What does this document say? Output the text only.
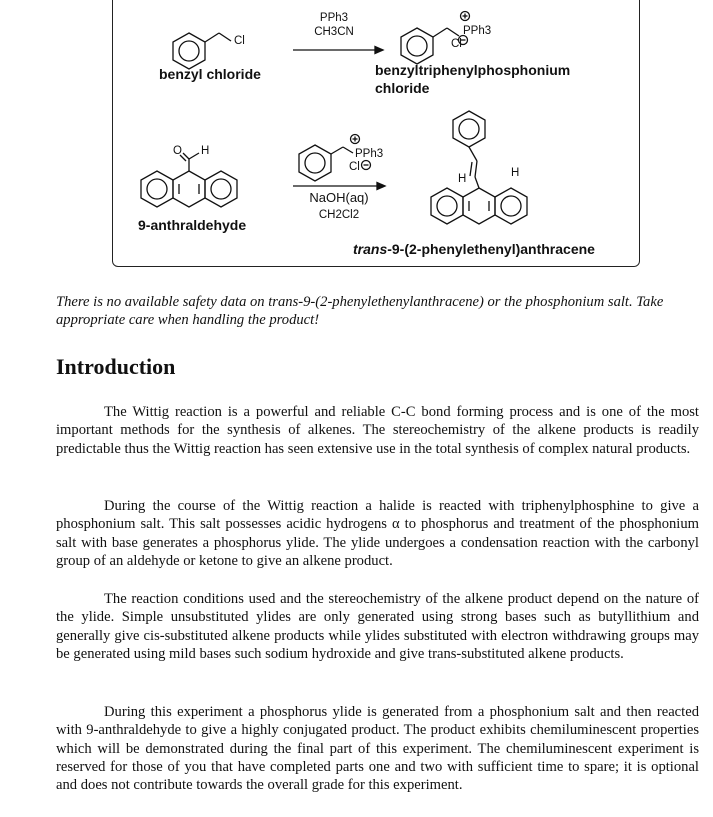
PPh3
CH3CN
Cl
benzyl chloride
PPh3
Cl
benzyltriphenylphosphonium
chloride
O H
9-anthraldehyde
PPh3
Cl
NaOH(aq)
CH2Cl2
H	H
trans-9-(2-phenylethenyl)anthracene

There is no available safety data on trans-9-(2-phenylethenylanthracene) or the phosphonium salt. Take appropriate care when handling the product!

Introduction

The Wittig reaction is a powerful and reliable C-C bond forming process and is one of the most important methods for the synthesis of alkenes. The stereochemistry of the alkene products is readily predictable thus the Wittig reaction has seen extensive use in the total synthesis of complex natural products.

During the course of the Wittig reaction a halide is reacted with triphenylphosphine to give a phosphonium salt. This salt possesses acidic hydrogens α to phosphorus and treatment of the phosphonium salt with base generates a phosphorus ylide. The ylide undergoes a condensation reaction with the carbonyl group of an aldehyde or ketone to give an alkene product.

The reaction conditions used and the stereochemistry of the alkene product depend on the nature of the ylide. Simple unsubstituted ylides are only generated using strong bases such as butyllithium and generally give cis-substituted alkene products while ylides substituted with electron withdrawing groups may be generated using mild bases such sodium hydroxide and give trans-substituted alkene products.

During this experiment a phosphorus ylide is generated from a phosphonium salt and then reacted with 9-anthraldehyde to give a highly conjugated product. The product exhibits chemiluminescent properties which will be demonstrated during the final part of this experiment. The chemiluminescent experiment is reserved for those of you that have completed parts one and two with sufficient time to spare; it is optional and does not contribute towards the overall grade for this experiment.
